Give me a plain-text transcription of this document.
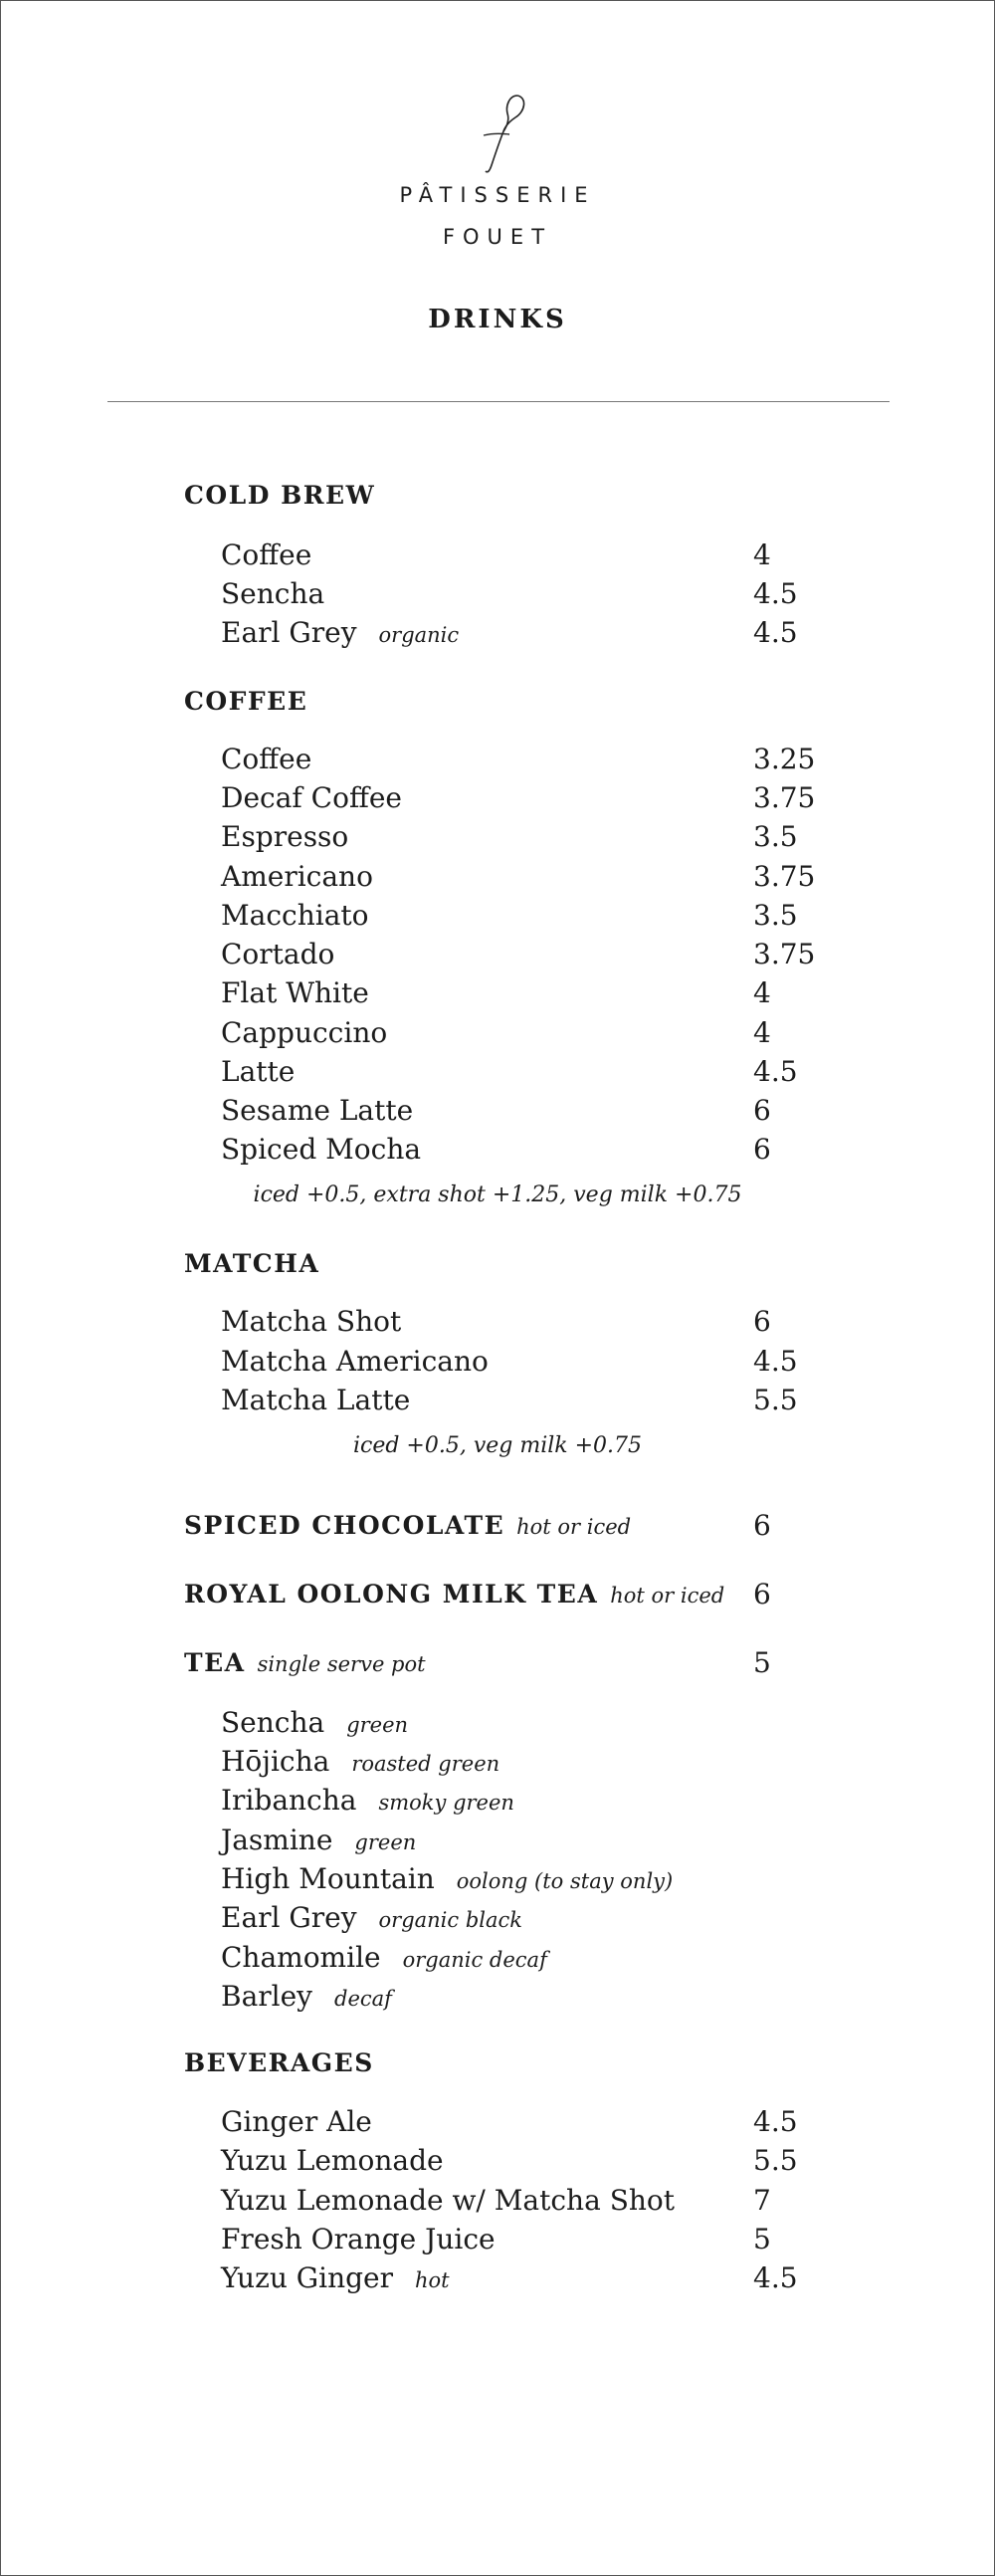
PÂTISSERIE
FOUET
DRINKS
COLD BREW
Coffee	4
Sencha	4.5
Earl Grey organic	4.5
COFFEE
Coffee	3.25
Decaf Coffee	3.75
Espresso	3.5
Americano	3.75
Macchiato	3.5
Cortado	3.75
Flat White	4
Cappuccino	4
Latte	4.5
Sesame Latte	6
Spiced Mocha	6
iced +0.5, extra shot +1.25, veg milk +0.75
MATCHA
Matcha Shot	6
Matcha Americano	4.5
Matcha Latte	5.5
iced +0.5, veg milk +0.75
SPICED CHOCOLATE hot or iced	6
ROYAL OOLONG MILK TEA hot or iced 6
TEA single serve pot	5
Sencha green
Hōjicha roasted green
Iribancha smoky green
Jasmine green
High Mountain oolong (to stay only)
Earl Grey organic black
Chamomile organic decaf
Barley decaf
BEVERAGES
Ginger Ale	4.5
Yuzu Lemonade	5.5
Yuzu Lemonade w/ Matcha Shot	7
Fresh Orange Juice	5
Yuzu Ginger hot	4.5
